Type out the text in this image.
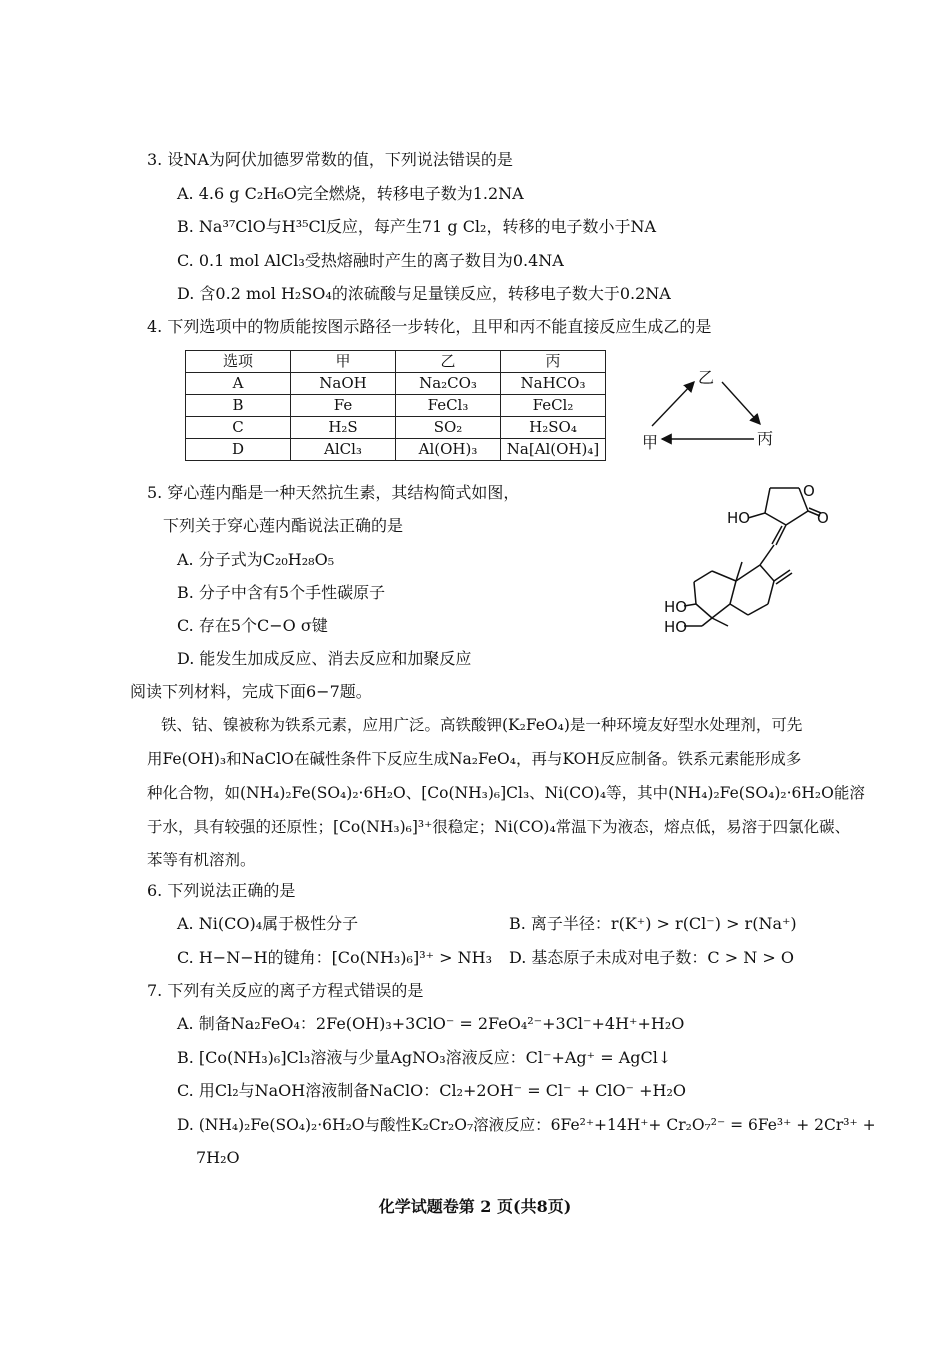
3. 设NA为阿伏加德罗常数的值，下列说法错误的是
A. 4.6 g C₂H₆O完全燃烧，转移电子数为1.2NA
B. Na³⁷ClO与H³⁵Cl反应，每产生71 g Cl₂，转移的电子数小于NA
C. 0.1 mol AlCl₃受热熔融时产生的离子数目为0.4NA
D. 含0.2 mol H₂SO₄的浓硫酸与足量镁反应，转移电子数大于0.2NA
4. 下列选项中的物质能按图示路径一步转化，且甲和丙不能直接反应生成乙的是
选项	甲	乙	丙
A	NaOH	Na₂CO₃	NaHCO₃
B	Fe	FeCl₃	FeCl₂
C	H₂S	SO₂	H₂SO₄
D	AlCl₃	Al(OH)₃	Na[Al(OH)₄]
乙
甲	丙
5. 穿心莲内酯是一种天然抗生素，其结构简式如图，
下列关于穿心莲内酯说法正确的是
A. 分子式为C₂₀H₂₈O₅
B. 分子中含有5个手性碳原子
C. 存在5个C−O σ键
D. 能发生加成反应、消去反应和加聚反应
HO
O
O
HO
HO
阅读下列材料，完成下面6−7题。
铁、钴、镍被称为铁系元素，应用广泛。高铁酸钾(K₂FeO₄)是一种环境友好型水处理剂，可先
用Fe(OH)₃和NaClO在碱性条件下反应生成Na₂FeO₄，再与KOH反应制备。铁系元素能形成多
种化合物，如(NH₄)₂Fe(SO₄)₂·6H₂O、[Co(NH₃)₆]Cl₃、Ni(CO)₄等，其中(NH₄)₂Fe(SO₄)₂·6H₂O能溶
于水，具有较强的还原性；[Co(NH₃)₆]³⁺很稳定；Ni(CO)₄常温下为液态，熔点低，易溶于四氯化碳、
苯等有机溶剂。
6. 下列说法正确的是
A. Ni(CO)₄属于极性分子	B. 离子半径：r(K⁺) > r(Cl⁻) > r(Na⁺)
C. H−N−H的键角：[Co(NH₃)₆]³⁺ > NH₃ D. 基态原子未成对电子数：C > N > O
7. 下列有关反应的离子方程式错误的是
A. 制备Na₂FeO₄：2Fe(OH)₃+3ClO⁻ = 2FeO₄²⁻+3Cl⁻+4H⁺+H₂O
B. [Co(NH₃)₆]Cl₃溶液与少量AgNO₃溶液反应：Cl⁻+Ag⁺ = AgCl↓
C. 用Cl₂与NaOH溶液制备NaClO：Cl₂+2OH⁻ = Cl⁻ + ClO⁻ +H₂O
D. (NH₄)₂Fe(SO₄)₂·6H₂O与酸性K₂Cr₂O₇溶液反应：6Fe²⁺+14H⁺+ Cr₂O₇²⁻ = 6Fe³⁺ + 2Cr³⁺ +
7H₂O
化学试题卷第 2 页(共8页)
